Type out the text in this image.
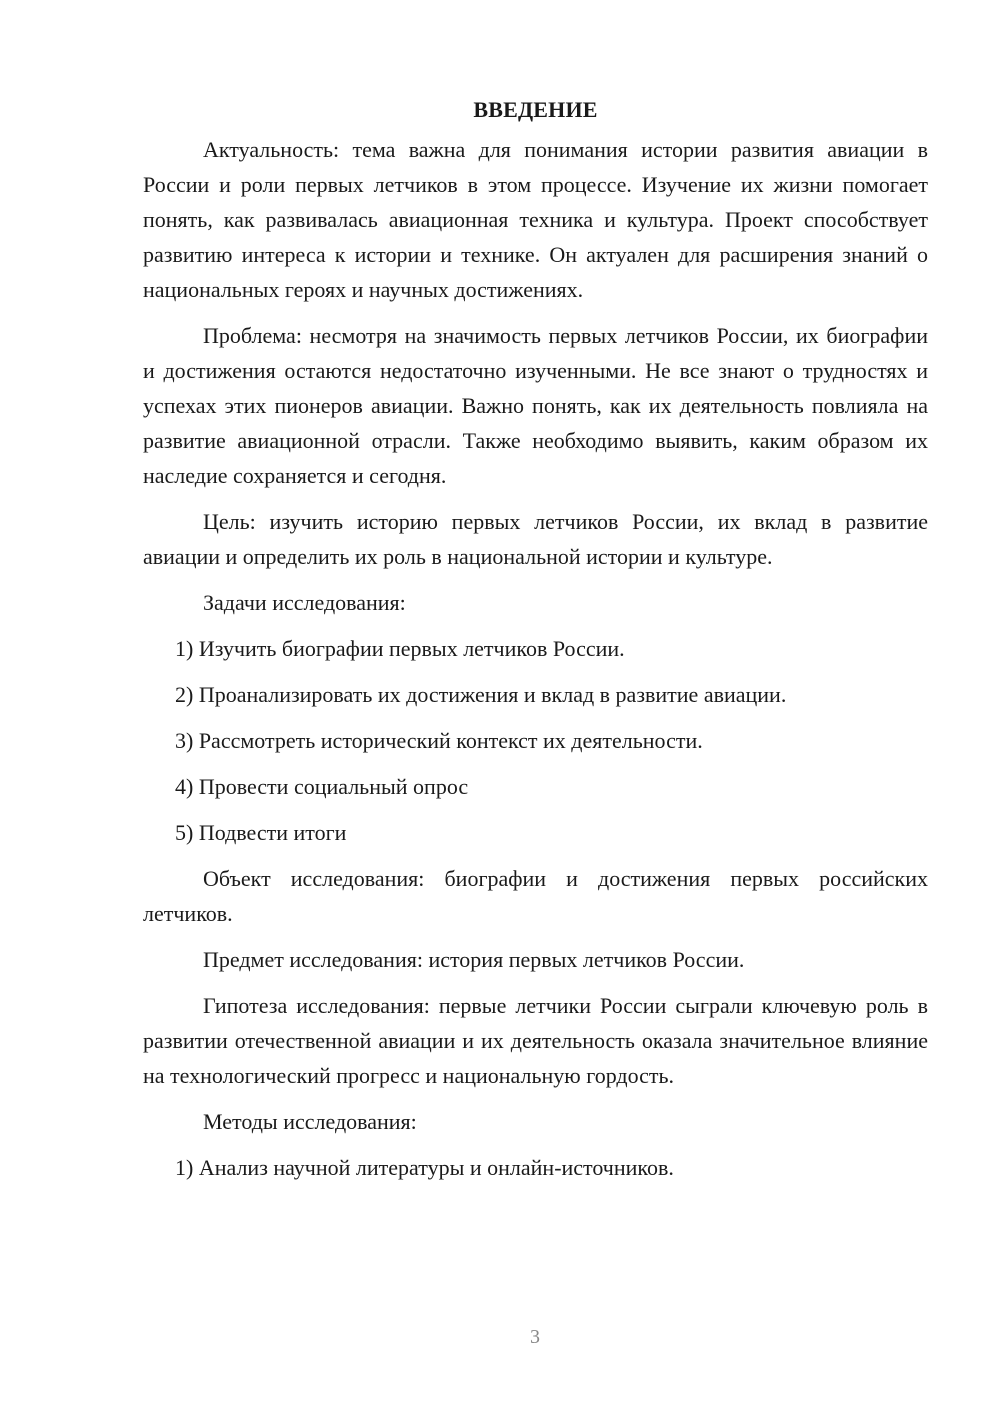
ВВЕДЕНИЕ

Актуальность: тема важна для понимания истории развития авиации в России и роли первых летчиков в этом процессе. Изучение их жизни помогает понять, как развивалась авиационная техника и культура. Проект способствует развитию интереса к истории и технике. Он актуален для расширения знаний о национальных героях и научных достижениях.

Проблема: несмотря на значимость первых летчиков России, их биографии и достижения остаются недостаточно изученными. Не все знают о трудностях и успехах этих пионеров авиации. Важно понять, как их деятельность повлияла на развитие авиационной отрасли. Также необходимо выявить, каким образом их наследие сохраняется и сегодня.

Цель: изучить историю первых летчиков России, их вклад в развитие авиации и определить их роль в национальной истории и культуре.

Задачи исследования:
1) Изучить биографии первых летчиков России.
2) Проанализировать их достижения и вклад в развитие авиации.
3) Рассмотреть исторический контекст их деятельности.
4) Провести социальный опрос
5) Подвести итоги

Объект исследования: биографии и достижения первых российских летчиков.

Предмет исследования: история первых летчиков России.

Гипотеза исследования: первые летчики России сыграли ключевую роль в развитии отечественной авиации и их деятельность оказала значительное влияние на технологический прогресс и национальную гордость.

Методы исследования:
1) Анализ научной литературы и онлайн-источников.
3
